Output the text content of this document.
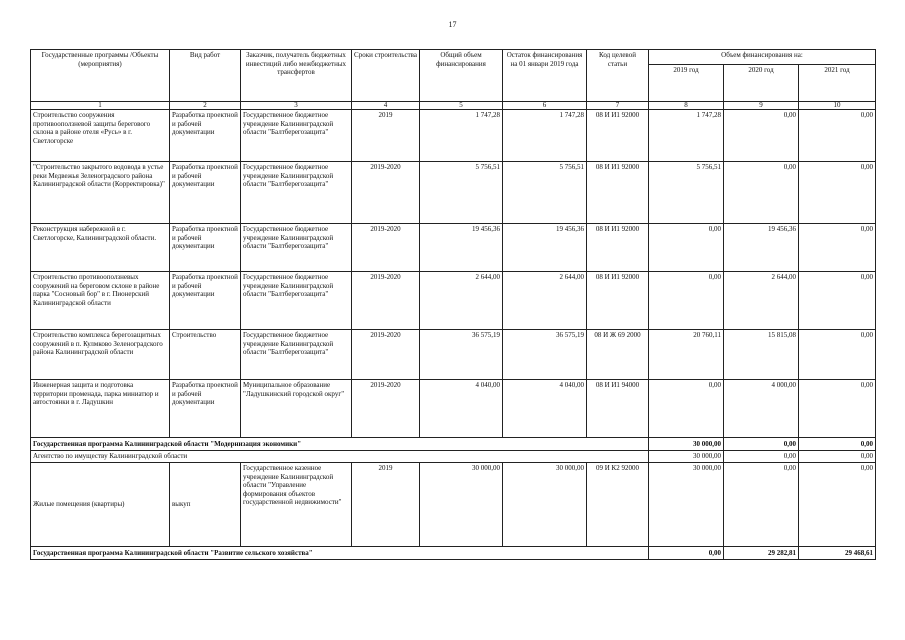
17
Государственные программы /Объекты (мероприятия)	Вид работ	Заказчик, получатель бюджетных инвестиций либо межбюджетных трансфертов	Сроки строительства	Общий объем финансирования	Остаток финансирования на 01 январи 2019 года	Код целевой статьи	Объем финансирования на:		
							2019 год	2020 год	2021 год
1	2	3	4	5	6	7	8	9	10
Строительство сооружения противооползневой защиты берегового склона в районе отеля «Русь» в г. Светлогорске	Разработка проектной и рабочей документации	Государственное бюджетное учреждение Калининградской области "Балтберегозащита"	2019	1 747,28	1 747,28	08 И И1 92000	1 747,28	0,00	0,00
"Строительство закрытого водовода в устье реки Медвежья Зеленоградского района Калининградской области (Корректировка)"	Разработка проектной и рабочей документации	Государственное бюджетное учреждение Калининградской области "Балтберегозащита"	2019-2020	5 756,51	5 756,51	08 И И1 92000	5 756,51	0,00	0,00
Реконструкция набережной в г. Светлогорске, Калининградской области.	Разработка проектной и рабочей документации	Государственное бюджетное учреждение Калининградской области "Балтберегозащита"	2019-2020	19 456,36	19 456,36	08 И И1 92000	0,00	19 456,36	0,00
Строительство противооползневых сооружений на береговом склоне в районе парка "Сосновый бор" в г. Пионерский Калининградской области	Разработка проектной и рабочей документации	Государственное бюджетное учреждение Калининградской области "Балтберегозащита"	2019-2020	2 644,00	2 644,00	08 И И1 92000	0,00	2 644,00	0,00
Строительство комплекса берегозащитных сооружений в п. Кулмково Зеленоградского района Калининградской области	Строительство	Государственное бюджетное учреждение Калининградской области "Балтберегозащита"	2019-2020	36 575,19	36 575,19	08 И Ж 69 2000	20 760,11	15 815,08	0,00
Инженерная защита и подготовка территории променада, парка миниатюр и автостоянки в г. Ладушкин	Разработка проектной и рабочей документации	Муниципальное образование "Ладушкинский городской округ"	2019-2020	4 040,00	4 040,00	08 И И1 94000	0,00	4 000,00	0,00
Государственная программа Калининградской области "Модернизация экономики"							30 000,00	0,00	0,00
Агентство по имуществу Калининградской области							30 000,00	0,00	0,00
Жилые помещения (квартиры)	выкуп	Государственное казенное учреждение Калининградской области "Управление формирования объектов государственной недвижимости"	2019	30 000,00	30 000,00	09 И К2 92000	30 000,00	0,00	0,00
Государственная программа Калининградской области "Развитие сельского хозяйства"							0,00	29 282,81	29 468,61
